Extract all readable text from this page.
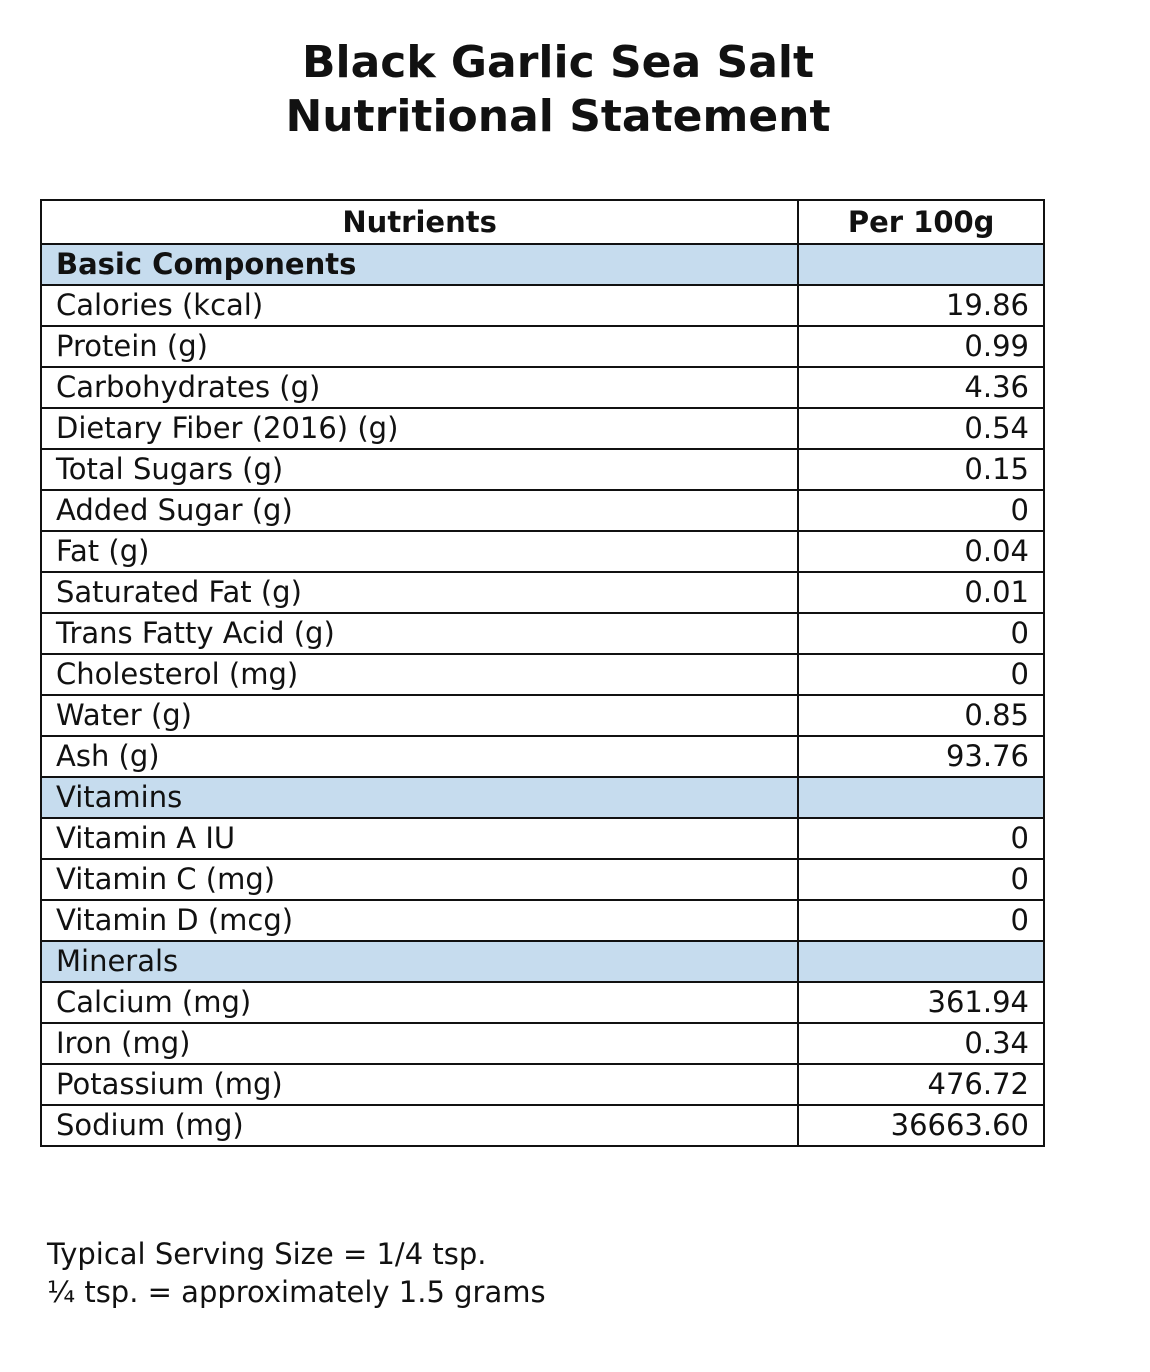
Black Garlic Sea Salt
Nutritional Statement
Nutrients	Per 100g
Basic Components	
Calories (kcal)	19.86
Protein (g)	0.99
Carbohydrates (g)	4.36
Dietary Fiber (2016) (g)	0.54
Total Sugars (g)	0.15
Added Sugar (g)	0
Fat (g)	0.04
Saturated Fat (g)	0.01
Trans Fatty Acid (g)	0
Cholesterol (mg)	0
Water (g)	0.85
Ash (g)	93.76
Vitamins	
Vitamin A IU	0
Vitamin C (mg)	0
Vitamin D (mcg)	0
Minerals	
Calcium (mg)	361.94
Iron (mg)	0.34
Potassium (mg)	476.72
Sodium (mg)	36663.60
Typical Serving Size = 1/4 tsp.
¼ tsp. = approximately 1.5 grams
